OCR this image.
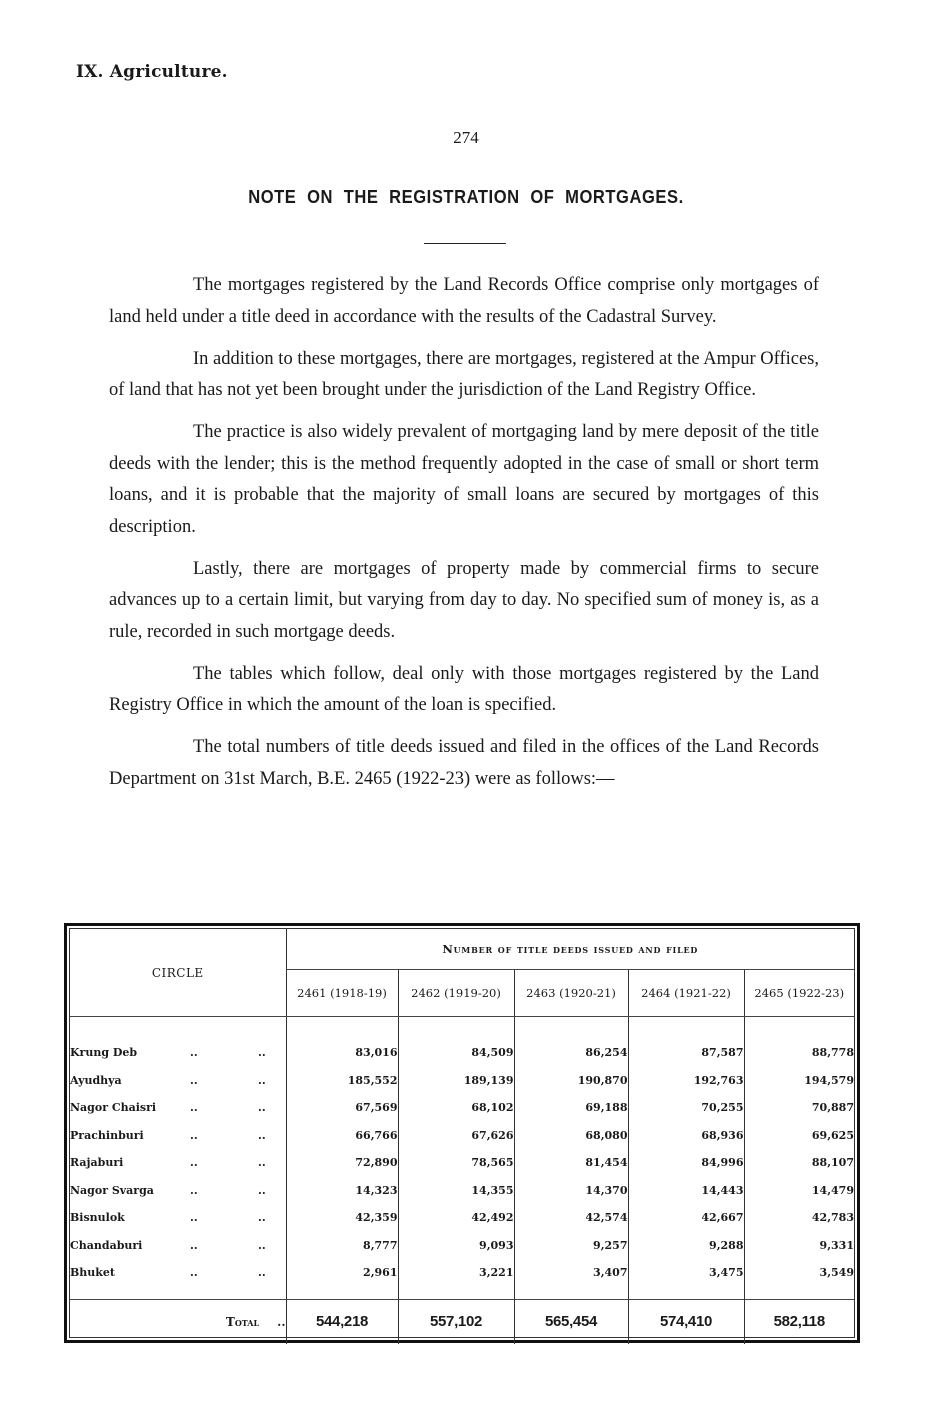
IX. Agriculture.
274
NOTE ON THE REGISTRATION OF MORTGAGES.

The mortgages registered by the Land Records Office comprise only mortgages of land held under a title deed in accordance with the results of the Cadastral Survey.

In addition to these mortgages, there are mortgages, registered at the Ampur Offices, of land that has not yet been brought under the jurisdiction of the Land Registry Office.

The practice is also widely prevalent of mortgaging land by mere deposit of the title deeds with the lender; this is the method frequently adopted in the case of small or short term loans, and it is probable that the majority of small loans are secured by mortgages of this description.

Lastly, there are mortgages of property made by commercial firms to secure advances up to a certain limit, but varying from day to day. No specified sum of money is, as a rule, recorded in such mortgage deeds.

The tables which follow, deal only with those mortgages registered by the Land Registry Office in which the amount of the loan is specified.

The total numbers of title deeds issued and filed in the offices of the Land Records Department on 31st March, B.E. 2465 (1922-23) were as follows:—

CIRCLE	Number of title deeds issued and filed				
	2461 (1918-19)	2462 (1919-20)	2463 (1920-21)	2464 (1921-22)	2465 (1922-23)

Krung Deb .. ..	83,016	84,509	86,254	87,587	88,778

Ayudhya .. ..	185,552	189,139	190,870	192,763	194,579

Nagor Chaisri .. ..	67,569	68,102	69,188	70,255	70,887

Prachinburi .. ..	66,766	67,626	68,080	68,936	69,625

Rajaburi .. ..	72,890	78,565	81,454	84,996	88,107

Nagor Svarga .. ..	14,323	14,355	14,370	14,443	14,479

Bisnulok .. ..	42,359	42,492	42,574	42,667	42,783

Chandaburi .. ..	8,777	9,093	9,257	9,288	9,331

Bhuket .. ..	2,961	3,221	3,407	3,475	3,549

Total ..	544,218	557,102	565,454	574,410	582,118
